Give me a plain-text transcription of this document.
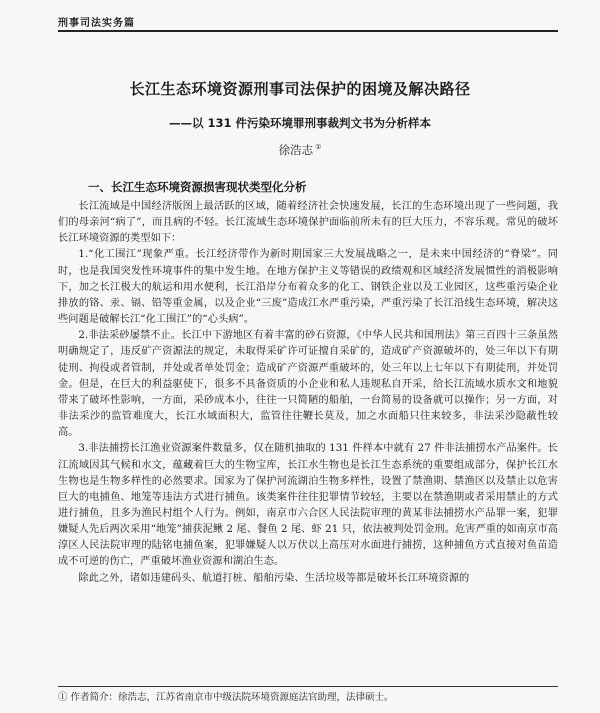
刑事司法实务篇
长江生态环境资源刑事司法保护的困境及解决路径
——以 131 件污染环境罪刑事裁判文书为分析样本
徐浩志 ①
一、长江生态环境资源损害现状类型化分析

长江流域是中国经济版图上最活跃的区域，随着经济社会快速发展，长江的生态环境出现了一些问题，我们的母亲河“病了”，而且病的不轻。长江流域生态环境保护面临前所未有的巨大压力，不容乐观。常见的破坏长江环境资源的类型如下：

1.“化工围江”现象严重。长江经济带作为新时期国家三大发展战略之一，是未来中国经济的“脊梁”。同时，也是我国突发性环境事件的集中发生地。在地方保护主义等错误的政绩观和区域经济发展惯性的消极影响下，加之长江极大的航运和用水便利，长江沿岸分布着众多的化工、钢铁企业以及工业园区，这些重污染企业排放的铬、汞、镉、铅等重金属，以及企业“三废”造成江水严重污染，严重污染了长江沿线生态环境，解决这些问题是破解长江“化工围江”的“心头病”。

2.非法采砂屡禁不止。长江中下游地区有着丰富的砂石资源，《中华人民共和国刑法》第三百四十三条虽然明确规定了，违反矿产资源法的规定，未取得采矿许可证擅自采矿的，造成矿产资源破坏的，处三年以下有期徒刑、拘役或者管制，并处或者单处罚金；造成矿产资源严重破坏的，处三年以上七年以下有期徒刑，并处罚金。但是，在巨大的利益驱使下，很多不具备资质的小企业和私人违规私自开采，给长江流域水质水文和地貌带来了破坏性影响，一方面，采砂成本小，往往一只简陋的船舶，一台简易的设备就可以操作；另一方面，对非法采沙的监管难度大，长江水域面积大，监管往往鞭长莫及，加之水面船只往来较多，非法采沙隐蔽性较高。

3.非法捕捞长江渔业资源案件数量多，仅在随机抽取的 131 件样本中就有 27 件非法捕捞水产品案件。长江流域因其气候和水文，蕴藏着巨大的生物宝库，长江水生物也是长江生态系统的重要组成部分，保护长江水生物也是生物多样性的必然要求。国家为了保护河流湖泊生物多样性，设置了禁渔期、禁渔区以及禁止以危害巨大的电捕鱼、地笼等违法方式进行捕鱼。该类案件往往犯罪情节较轻，主要以在禁渔期或者采用禁止的方式进行捕鱼，且多为渔民村组个人行为。例如，南京市六合区人民法院审理的黄某非法捕捞水产品罪一案，犯罪嫌疑人先后两次采用“地笼”捕获泥鳅 2 尾、餐鱼 2 尾、虾 21 只，依法被判处罚金刑。危害严重的如南京市高淳区人民法院审理的陆铭电捕鱼案，犯罪嫌疑人以万伏以上高压对水面进行捕捞，这种捕鱼方式直接对鱼苗造成不可逆的伤亡，严重破坏渔业资源和湖泊生态。

除此之外，诸如违建码头、航道打桩、船舶污染、生活垃圾等都是破坏长江环境资源的

① 作者简介：徐浩志，江苏省南京市中级法院环境资源庭法官助理，法律硕士。
